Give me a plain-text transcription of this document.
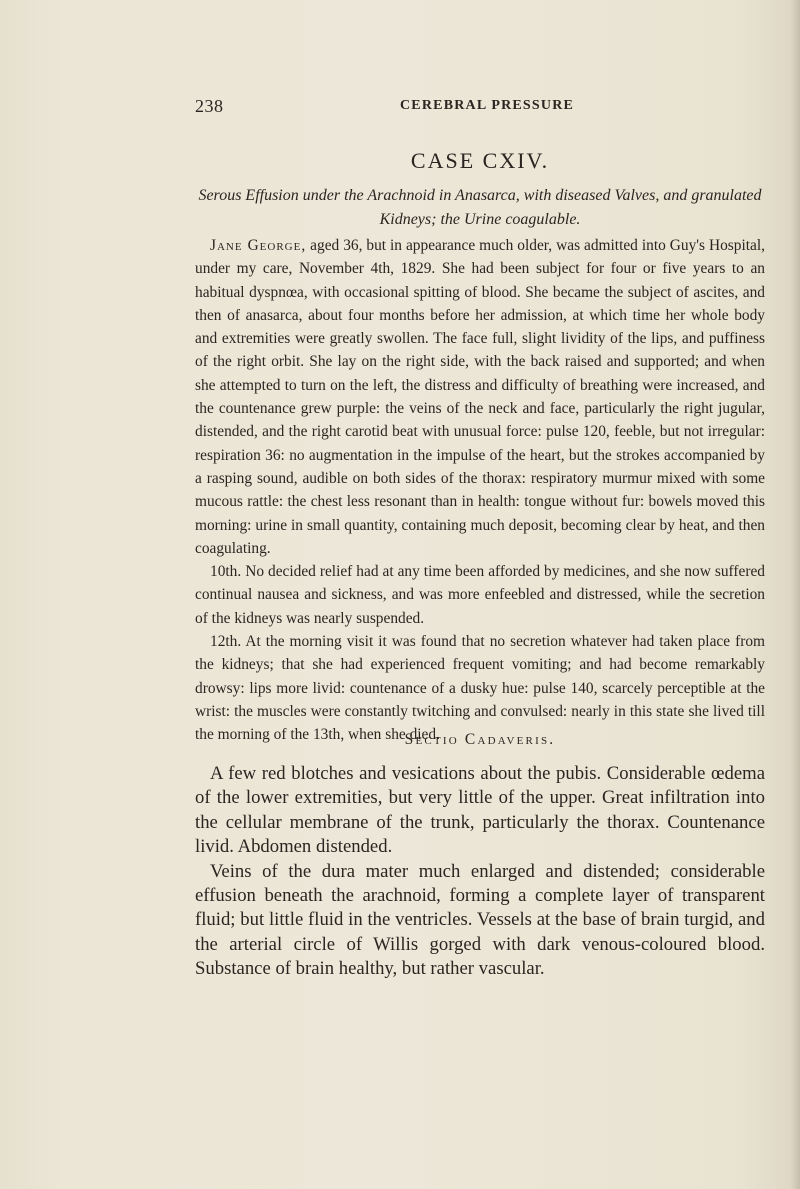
238	CEREBRAL PRESSURE
CASE CXIV.
Serous Effusion under the Arachnoid in Anasarca, with diseased Valves, and granulated Kidneys; the Urine coagulable.

Jane George, aged 36, but in appearance much older, was admitted into Guy's Hospital, under my care, November 4th, 1829. She had been subject for four or five years to an habitual dyspnœa, with occasional spitting of blood. She became the subject of ascites, and then of anasarca, about four months before her admission, at which time her whole body and extremities were greatly swollen. The face full, slight lividity of the lips, and puffiness of the right orbit. She lay on the right side, with the back raised and supported; and when she attempted to turn on the left, the distress and difficulty of breathing were increased, and the countenance grew purple: the veins of the neck and face, particularly the right jugular, distended, and the right carotid beat with unusual force: pulse 120, feeble, but not irregular: respiration 36: no augmentation in the impulse of the heart, but the strokes accompanied by a rasping sound, audible on both sides of the thorax: respiratory murmur mixed with some mucous rattle: the chest less resonant than in health: tongue without fur: bowels moved this morning: urine in small quantity, containing much deposit, becoming clear by heat, and then coagulating.

10th. No decided relief had at any time been afforded by medicines, and she now suffered continual nausea and sickness, and was more enfeebled and distressed, while the secretion of the kidneys was nearly suspended.

12th. At the morning visit it was found that no secretion whatever had taken place from the kidneys; that she had experienced frequent vomiting; and had become remarkably drowsy: lips more livid: countenance of a dusky hue: pulse 140, scarcely perceptible at the wrist: the muscles were constantly twitching and convulsed: nearly in this state she lived till the morning of the 13th, when she died.

Sectio Cadaveris.

A few red blotches and vesications about the pubis. Considerable œdema of the lower extremities, but very little of the upper. Great infiltration into the cellular membrane of the trunk, particularly the thorax. Countenance livid. Abdomen distended.

Veins of the dura mater much enlarged and distended; considerable effusion beneath the arachnoid, forming a complete layer of transparent fluid; but little fluid in the ventricles. Vessels at the base of brain turgid, and the arterial circle of Willis gorged with dark venous-coloured blood. Substance of brain healthy, but rather vascular.
